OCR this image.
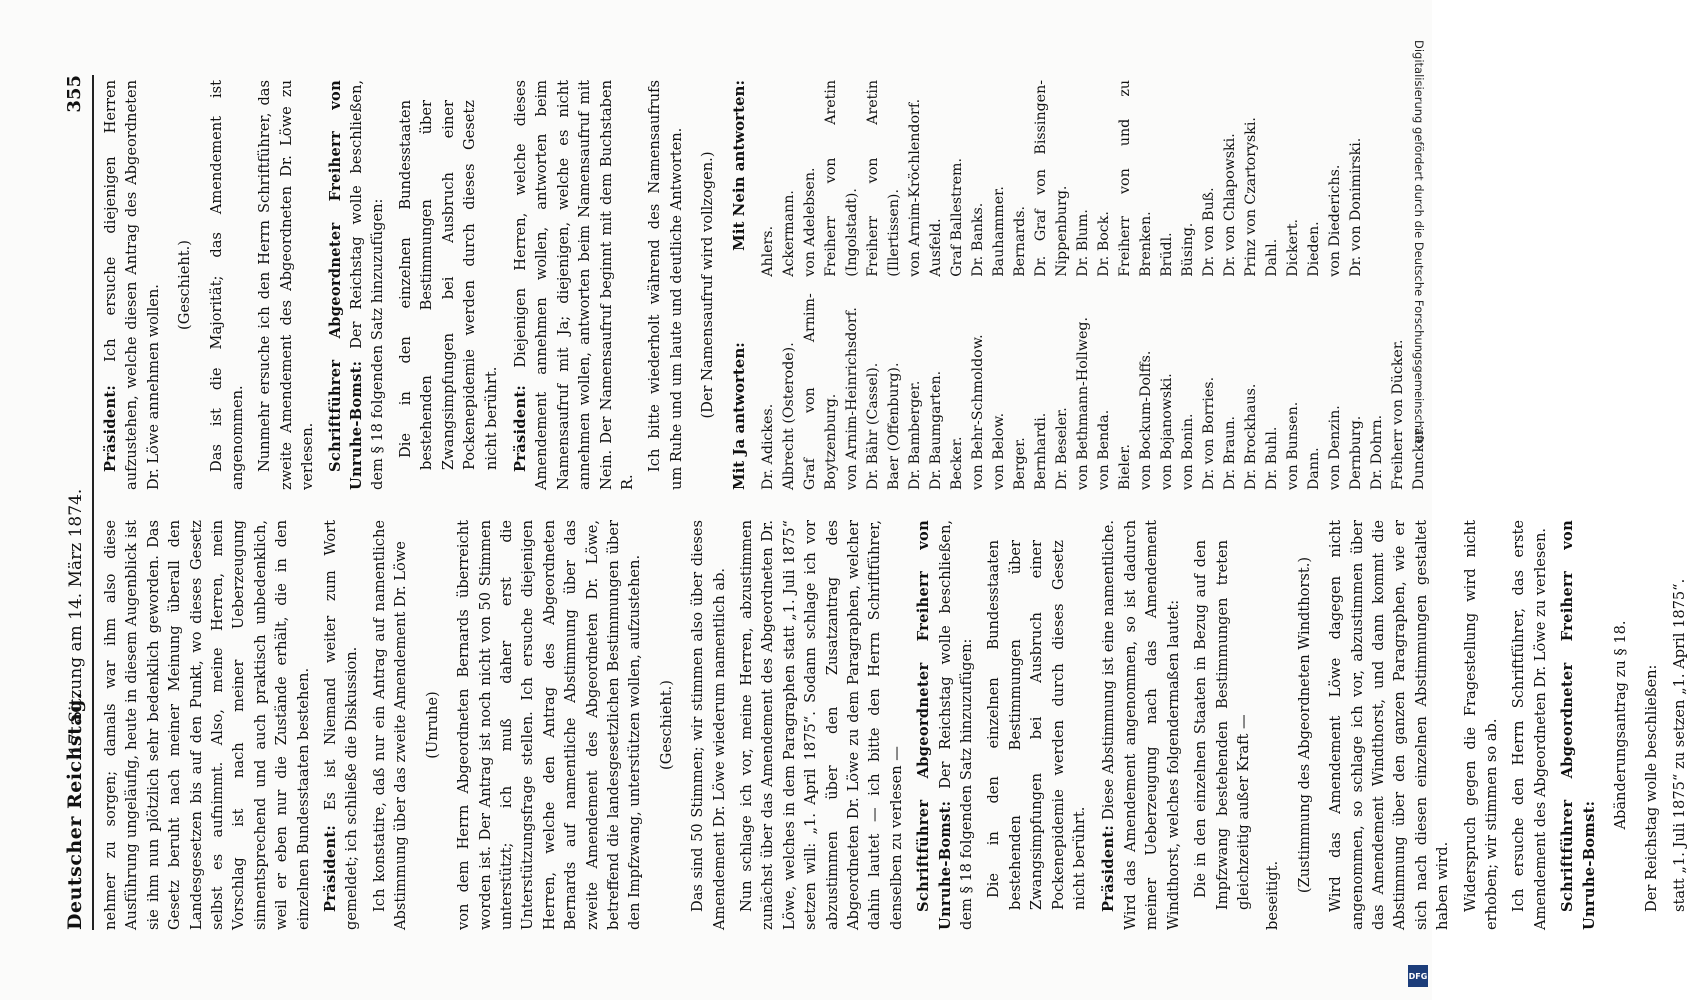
Deutscher Reichstag.
17. Sitzung am 14. März 1874.
355

nehmer zu sorgen; damals war ihm also diese Ausführung ungeläufig, heute in diesem Augenblick ist sie ihm nun plötzlich sehr bedenklich geworden. Das Gesetz beruht nach meiner Meinung überall den Landesgesetzen bis auf den Punkt, wo dieses Gesetz selbst es aufnimmt. Also, meine Herren, mein Vorschlag ist nach meiner Ueberzeugung sinnentsprechend und auch praktisch unbedenklich, weil er eben nur die Zustände erhält, die in den einzelnen Bundesstaaten bestehen. Präsident: Es ist Niemand weiter zum Wort gemeldet; ich schließe die Diskussion. Ich konstatire, daß nur ein Antrag auf namentliche Abstimmung über das zweite Amendement Dr. Löwe (Unruhe) von dem Herrn Abgeordneten Bernards überreicht worden ist. Der Antrag ist noch nicht von 50 Stimmen unterstützt; ich muß daher erst die Unterstützungsfrage stellen. Ich ersuche diejenigen Herren, welche den Antrag des Abgeordneten Bernards auf namentliche Abstimmung über das zweite Amendement des Abgeordneten Dr. Löwe, betreffend die landesgesetzlichen Bestimmungen über den Impfzwang, unterstützen wollen, aufzustehen. (Geschieht.) Das sind 50 Stimmen; wir stimmen also über dieses Amendement Dr. Löwe wiederum namentlich ab. Nun schlage ich vor, meine Herren, abzustimmen zunächst über das Amendement des Abgeordneten Dr. Löwe, welches in dem Paragraphen statt „1. Juli 1875“ setzen will: „1. April 1875“. Sodann schlage ich vor abzustimmen über den Zusatzantrag des Abgeordneten Dr. Löwe zu dem Paragraphen, welcher dahin lautet — ich bitte den Herrn Schriftführer, denselben zu verlesen — Schriftführer Abgeordneter Freiherr von Unruhe-Bomst: Der Reichstag wolle beschließen, dem § 18 folgenden Satz hinzuzufügen: Die in den einzelnen Bundesstaaten bestehenden Bestimmungen über Zwangsimpfungen bei Ausbruch einer Pockenepidemie werden durch dieses Gesetz nicht berührt. Präsident: Diese Abstimmung ist eine namentliche. Wird das Amendement angenommen, so ist dadurch meiner Ueberzeugung nach das Amendement Windthorst, welches folgendermaßen lautet: Die in den einzelnen Staaten in Bezug auf den Impfzwang bestehenden Bestimmungen treten gleichzeitig außer Kraft — beseitigt.

(Zustimmung des Abgeordneten Windthorst.) Wird das Amendement Löwe dagegen nicht angenommen, so schlage ich vor, abzustimmen über das Amendement Windthorst, und dann kommt die Abstimmung über den ganzen Paragraphen, wie er sich nach diesen einzelnen Abstimmungen gestaltet haben wird. Widerspruch gegen die Fragestellung wird nicht erhoben; wir stimmen so ab. Ich ersuche den Herrn Schriftführer, das erste Amendement des Abgeordneten Dr. Löwe zu verlesen. Schriftführer Abgeordneter Freiherr von Unruhe-Bomst:

Abänderungsantrag zu § 18. Der Reichstag wolle beschließen: statt „1. Juli 1875“ zu setzen „1. April 1875“.

Präsident: Ich ersuche diejenigen Herren aufzustehen, welche diesen Antrag des Abgeordneten Dr. Löwe annehmen wollen. (Geschieht.) Das ist die Majorität; das Amendement ist angenommen. Nunmehr ersuche ich den Herrn Schriftführer, das zweite Amendement des Abgeordneten Dr. Löwe zu verlesen. Schriftführer Abgeordneter Freiherr von Unruhe-Bomst: Der Reichstag wolle beschließen, dem § 18 folgenden Satz hinzuzufügen: Die in den einzelnen Bundesstaaten bestehenden Bestimmungen über Zwangsimpfungen bei Ausbruch einer Pockenepidemie werden durch dieses Gesetz nicht berührt. Präsident: Diejenigen Herren, welche dieses Amendement annehmen wollen, antworten beim Namensaufruf mit Ja; diejenigen, welche es nicht annehmen wollen, antworten beim Namensaufruf mit Nein. Der Namensaufruf beginnt mit dem Buchstaben R.

Ich bitte wiederholt während des Namensaufrufs um Ruhe und um laute und deutliche Antworten. (Der Namensaufruf wird vollzogen.) Mit Ja antworten:
Mit Nein antworten:
Dr. Adickes. Albrecht (Osterode). Graf von Arnim-Boytzenburg. von Arnim-Heinrichsdorf. Dr. Bähr (Cassel). Baer (Offenburg). Dr. Bamberger. Dr. Baumgarten. Becker. von Behr-Schmoldow. von Below. Berger. Bernhardi. Dr. Beseler. von Bethmann-Hollweg. von Benda. Bieler. von Bockum-Dolffs. von Bojanowski. von Bonin. Dr. von Borries. Dr. Braun. Dr. Brockhaus. Dr. Buhl. von Bunsen. Dann. von Denzin. Dernburg. Dr. Dohrn. Freiherr von Dücker. Duncker.
Ahlers. Ackermann. von Adelebsen. Freiherr von Aretin (Ingolstadt). Freiherr von Aretin (Illertissen). von Arnim-Kröchlendorf. Ausfeld. Graf Ballestrem. Dr. Banks. Bauhammer. Bernards. Dr. Graf von Bissingen-Nippenburg. Dr. Blum. Dr. Bock. Freiherr von und zu Brenken. Brüdl. Büsing. Dr. von Buß. Dr. von Chlapowski. Prinz von Czartoryski. Dahl. Dickert. Dieden. von Diederichs. Dr. von Donimirski.	Digitalisierung gefördert durch die Deutsche Forschungsgemeinschaft
DFG
